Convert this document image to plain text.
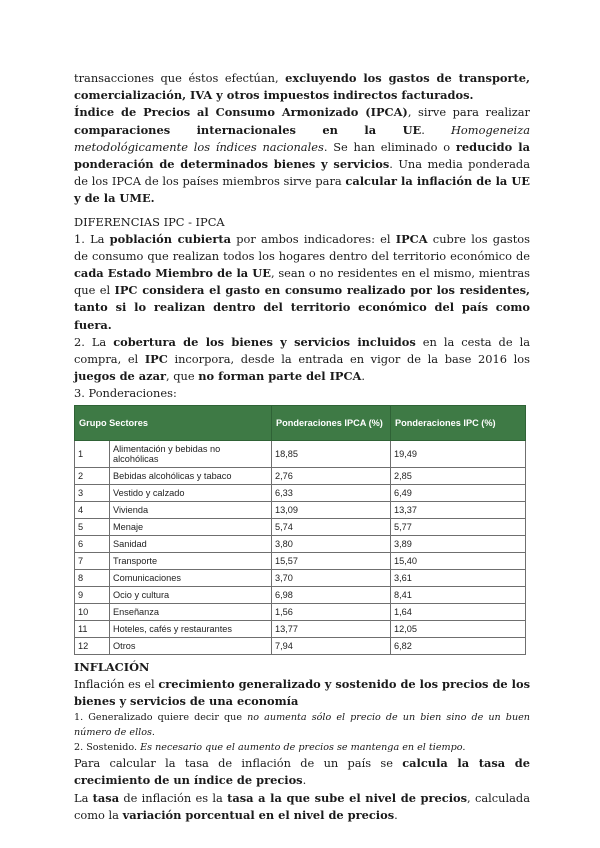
transacciones que éstos efectúan, excluyendo los gastos de transporte, comercialización, IVA y otros impuestos indirectos facturados.

Índice de Precios al Consumo Armonizado (IPCA), sirve para realizar comparaciones internacionales en la UE. Homogeneiza metodológicamente los índices nacionales. Se han eliminado o reducido la ponderación de determinados bienes y servicios. Una media ponderada de los IPCA de los países miembros sirve para calcular la inflación de la UE y de la UME.

DIFERENCIAS IPC - IPCA

1. La población cubierta por ambos indicadores: el IPCA cubre los gastos de consumo que realizan todos los hogares dentro del territorio económico de cada Estado Miembro de la UE, sean o no residentes en el mismo, mientras que el IPC considera el gasto en consumo realizado por los residentes, tanto si lo realizan dentro del territorio económico del país como fuera.

2. La cobertura de los bienes y servicios incluidos en la cesta de la compra, el IPC incorpora, desde la entrada en vigor de la base 2016 los juegos de azar, que no forman parte del IPCA.

3. Ponderaciones:

Grupo Sectores		Ponderaciones IPCA (%)	Ponderaciones IPC (%)
1	Alimentación y bebidas no alcohólicas	18,85	19,49
2	Bebidas alcohólicas y tabaco	2,76	2,85
3	Vestido y calzado	6,33	6,49
4	Vivienda	13,09	13,37
5	Menaje	5,74	5,77
6	Sanidad	3,80	3,89
7	Transporte	15,57	15,40
8	Comunicaciones	3,70	3,61
9	Ocio y cultura	6,98	8,41
10	Enseñanza	1,56	1,64
11	Hoteles, cafés y restaurantes	13,77	12,05
12	Otros	7,94	6,82

INFLACIÓN

Inflación es el crecimiento generalizado y sostenido de los precios de los bienes y servicios de una economía

1. Generalizado quiere decir que no aumenta sólo el precio de un bien sino de un buen número de ellos.

2. Sostenido. Es necesario que el aumento de precios se mantenga en el tiempo.

Para calcular la tasa de inflación de un país se calcula la tasa de crecimiento de un índice de precios.

La tasa de inflación es la tasa a la que sube el nivel de precios, calculada como la variación porcentual en el nivel de precios.
